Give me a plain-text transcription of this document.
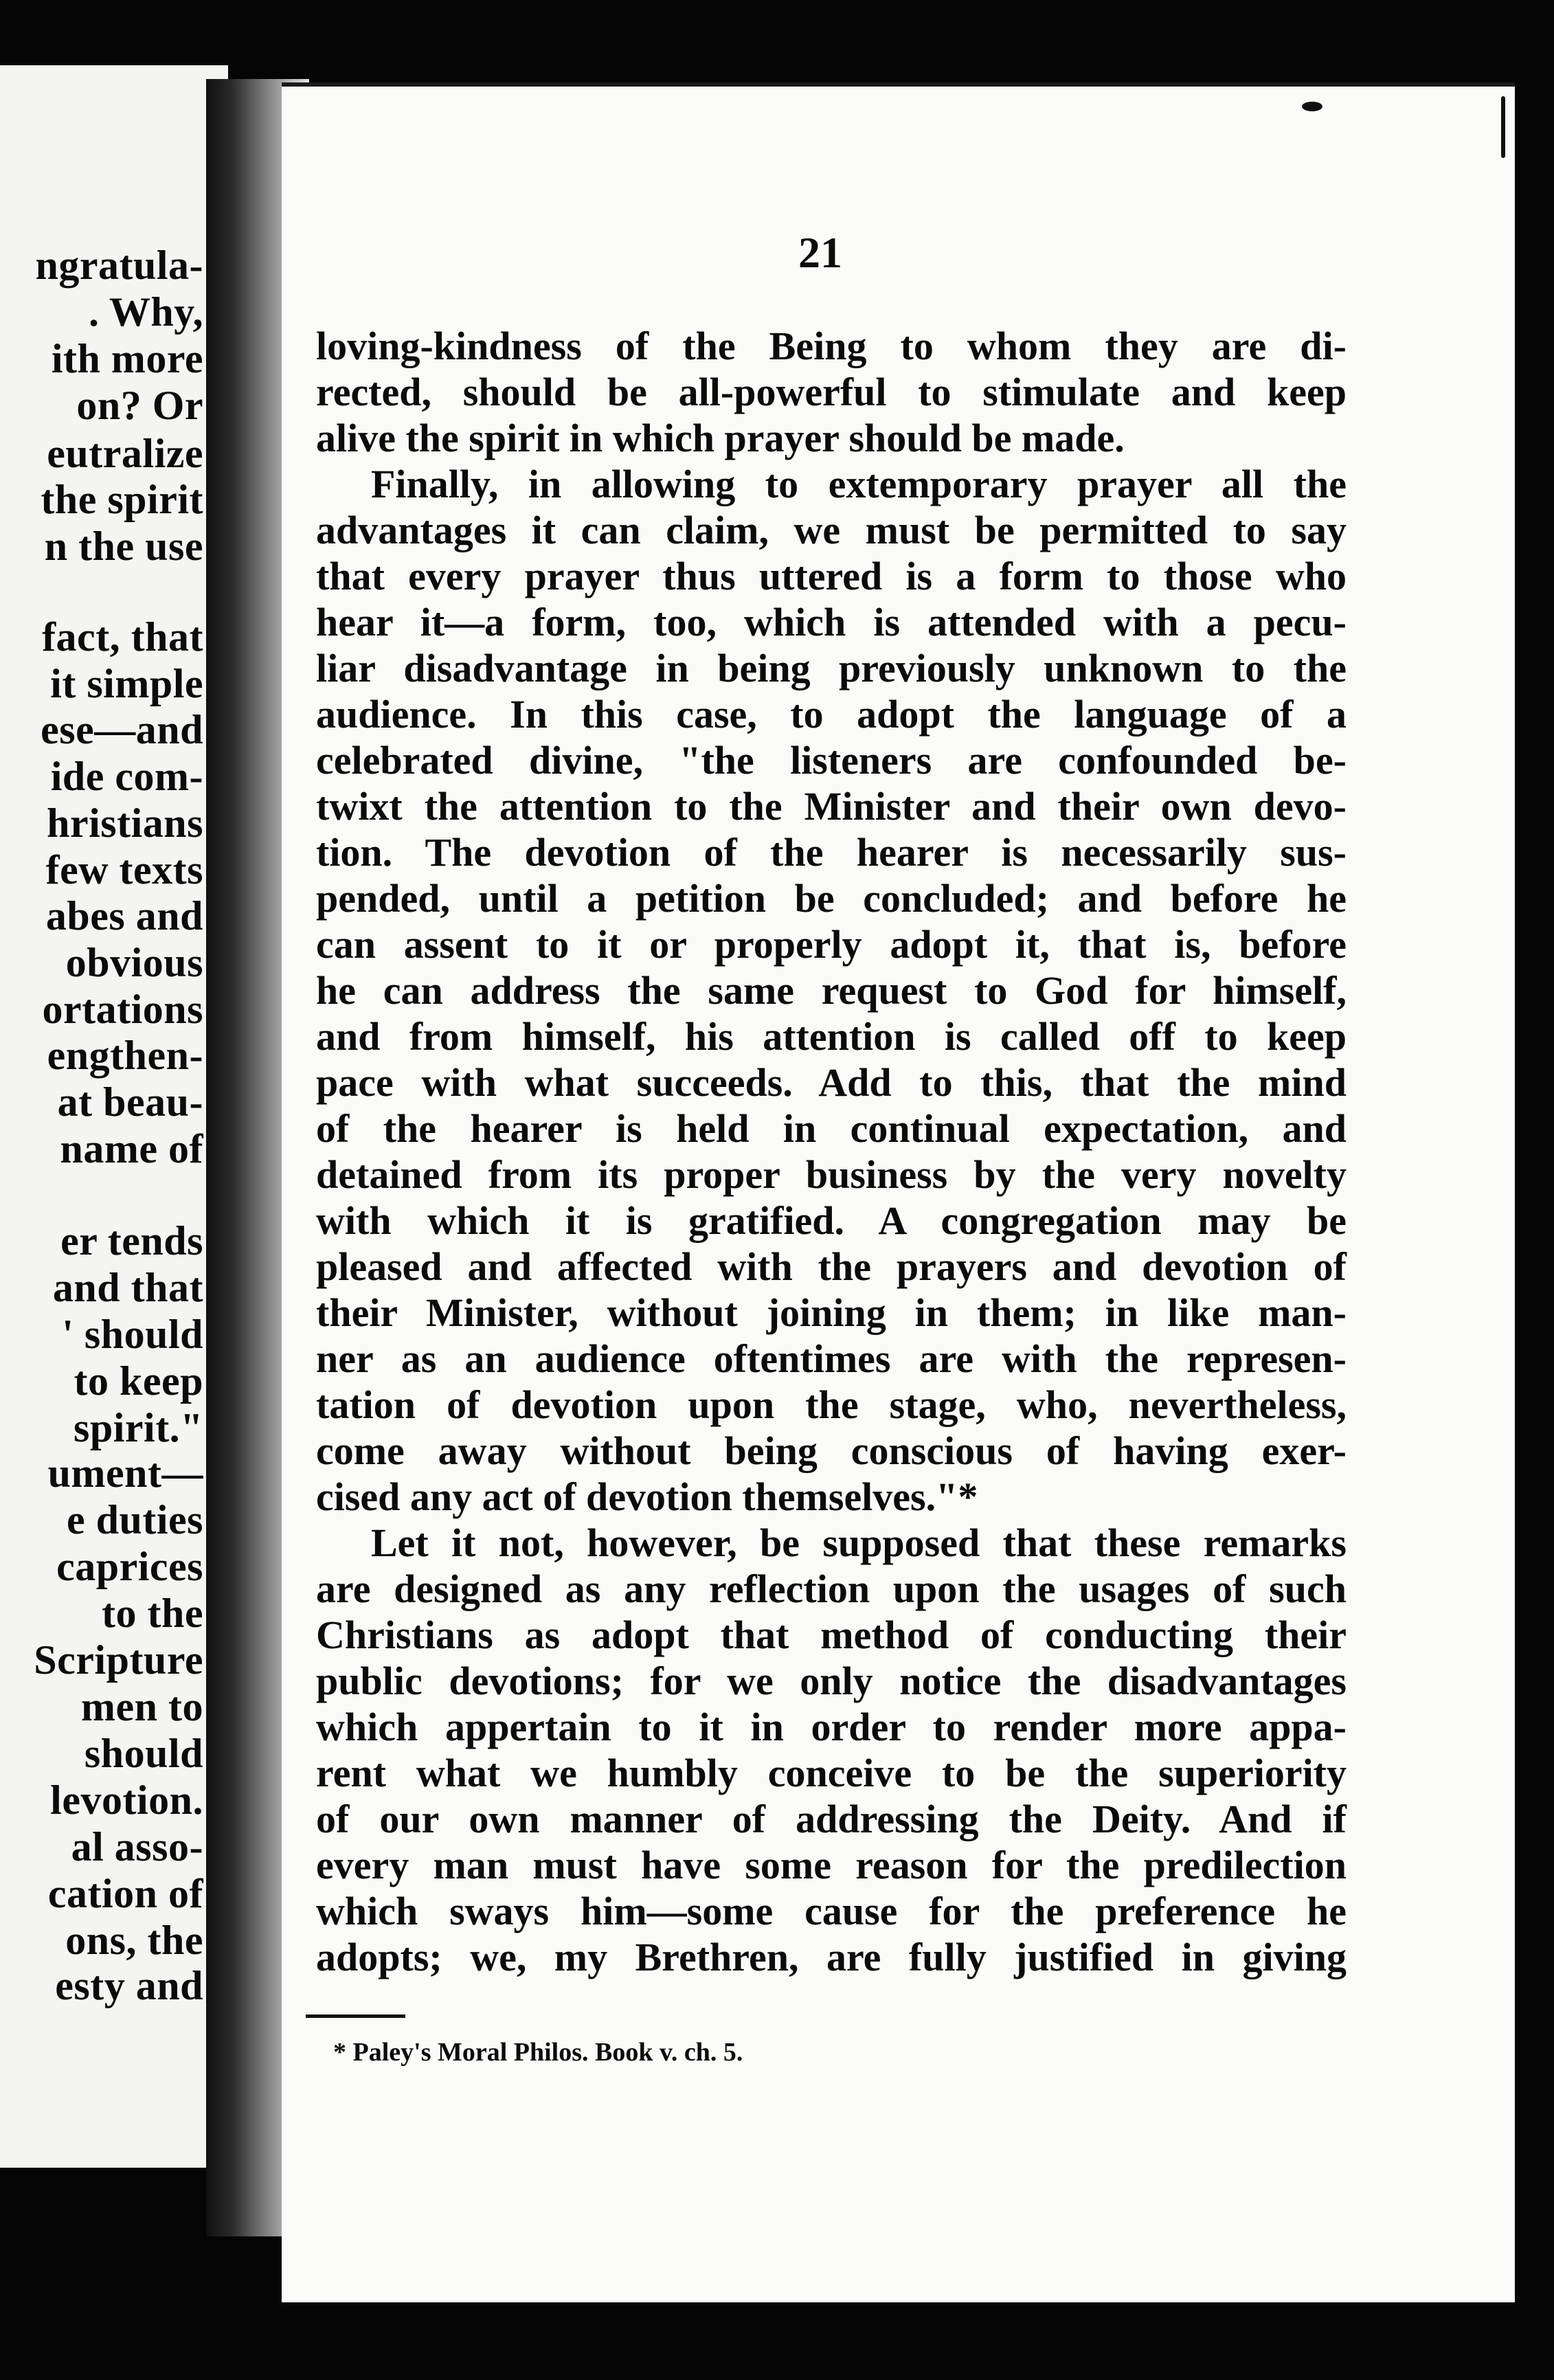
ngratula-
. Why,
ith more
on? Or
eutralize
the spirit
n the use
fact, that
it simple
ese—and
ide com-
hristians
few texts
abes and
obvious
ortations
engthen-
at beau-
name of
er tends
and that
' should
to keep
spirit."
ument—
e duties
caprices
to the
Scripture
men to
should
levotion.
al asso-
cation of
ons, the
esty and
21
loving-kindness of the Being to whom they are di-
rected, should be all-powerful to stimulate and keep
alive the spirit in which prayer should be made.
Finally, in allowing to extemporary prayer all the
advantages it can claim, we must be permitted to say
that every prayer thus uttered is a form to those who
hear it—a form, too, which is attended with a pecu-
liar disadvantage in being previously unknown to the
audience. In this case, to adopt the language of a
celebrated divine, "the listeners are confounded be-
twixt the attention to the Minister and their own devo-
tion. The devotion of the hearer is necessarily sus-
pended, until a petition be concluded; and before he
can assent to it or properly adopt it, that is, before
he can address the same request to God for himself,
and from himself, his attention is called off to keep
pace with what succeeds. Add to this, that the mind
of the hearer is held in continual expectation, and
detained from its proper business by the very novelty
with which it is gratified. A congregation may be
pleased and affected with the prayers and devotion of
their Minister, without joining in them; in like man-
ner as an audience oftentimes are with the represen-
tation of devotion upon the stage, who, nevertheless,
come away without being conscious of having exer-
cised any act of devotion themselves."*
Let it not, however, be supposed that these remarks
are designed as any reflection upon the usages of such
Christians as adopt that method of conducting their
public devotions; for we only notice the disadvantages
which appertain to it in order to render more appa-
rent what we humbly conceive to be the superiority
of our own manner of addressing the Deity. And if
every man must have some reason for the predilection
which sways him—some cause for the preference he
adopts; we, my Brethren, are fully justified in giving
* Paley's Moral Philos. Book v. ch. 5.
